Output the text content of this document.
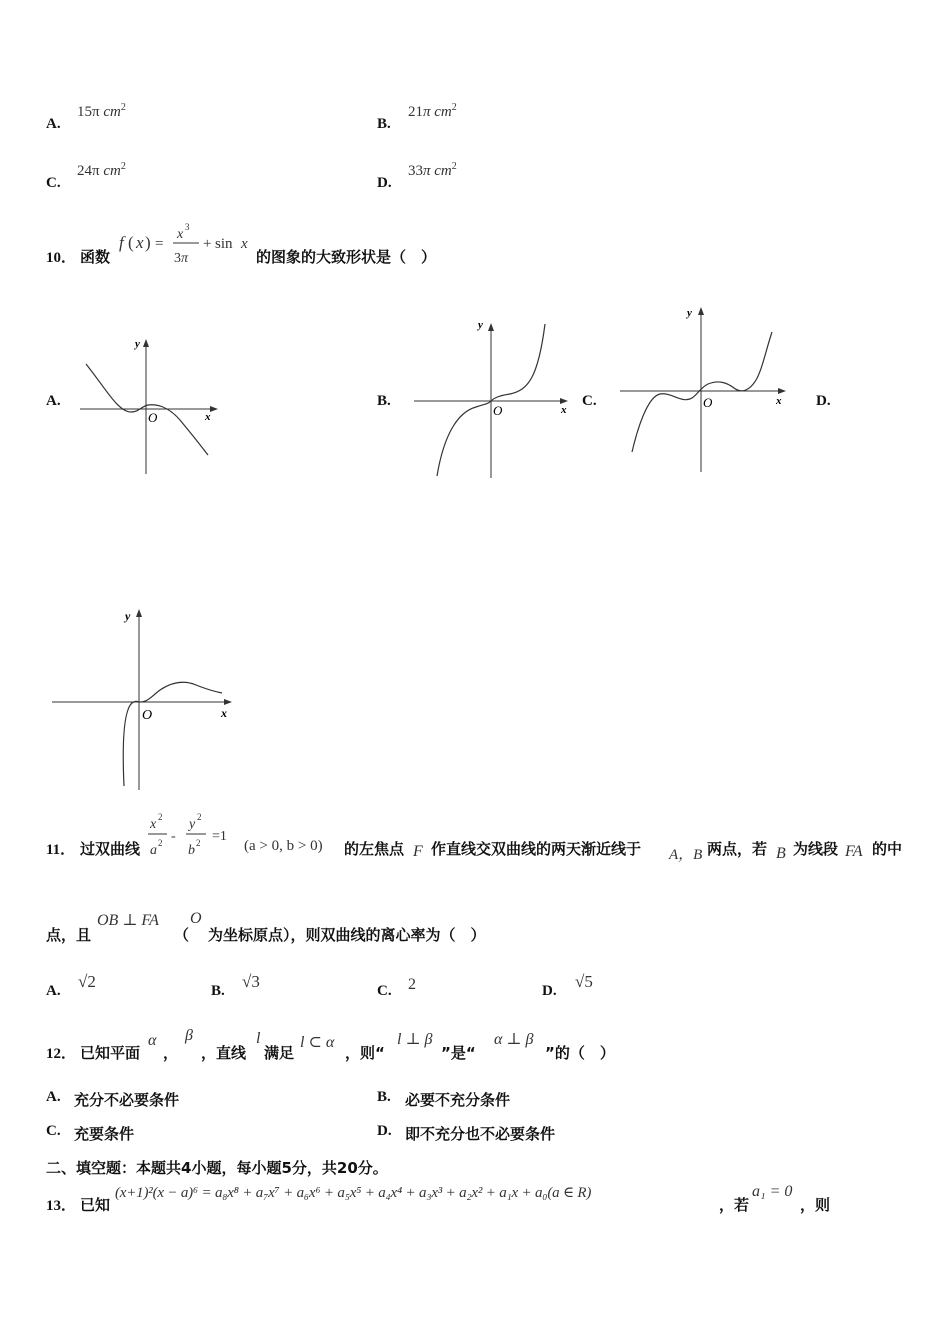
A.
15π $cm^2$
B.
21π $cm^2$
C.
24π $cm^2$
D.
33π $cm^2$
10． 函数
f ( x ) =
x 3
3π
+ sin x
的图象的大致形状是（　）
A.	B.	C.	D.
y
x
O
y
x
O
y
x
O
y
x
O
11． 过双曲线
x 2
a 2 -
y 2
b 2 =1
(a > 0, b > 0) 的左焦点 F 作直线交双曲线的两天渐近线于 A，B 两点，若 B 为线段 FA 的中
点，且
OB ⊥ FA
（
O
为坐标原点），则双曲线的离心率为（　）
A. √2	B. √3	C. 2	D. √5
12． 已知平面
α
，
β
，直线
l
满足
l ⊂ α
，则“
l ⊥ β
”是“
α ⊥ β
”的（　）
A. 充分不必要条件	B. 必要不充分条件
C. 充要条件	D. 即不充分也不必要条件
二、填空题：本题共4小题，每小题5分，共20分。
13． 已知
(x+1)²(x − a)⁶ = a₈x⁸ + a₇x⁷ + a₆x⁶ + a₅x⁵ + a₄x⁴ + a₃x³ + a₂x² + a₁x + a₀(a ∈ R)
，若
a₁ = 0
，则
